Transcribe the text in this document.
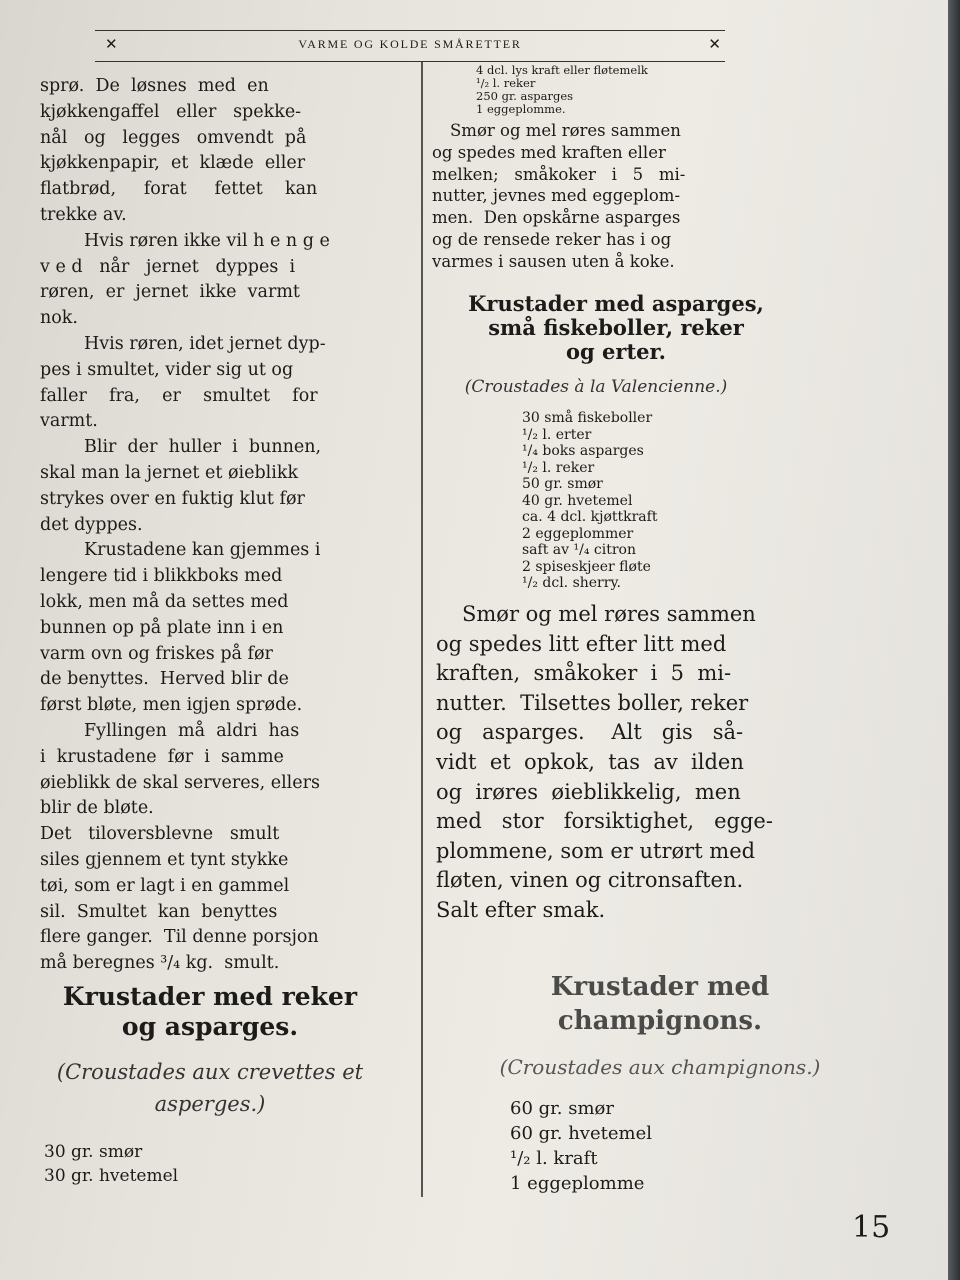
✕	VARME OG KOLDE SMÅRETTER	✕
sprø.  De  løsnes  med  en
kjøkkengaffel   eller   spekke-
nål   og   legges   omvendt  på
kjøkkenpapir,  et  klæde  eller
flatbrød,     forat     fettet    kan
trekke av.
Hvis røren ikke vil h e n g e
v e d   når   jernet   dyppes  i
røren,  er  jernet  ikke  varmt
nok.
Hvis røren, idet jernet dyp-
pes i smultet, vider sig ut og
faller    fra,    er    smultet    for
varmt.
Blir  der  huller  i  bunnen,
skal man la jernet et øieblikk
strykes over en fuktig klut før
det dyppes.
Krustadene kan gjemmes i
lengere tid i blikkboks med
lokk, men må da settes med
bunnen op på plate inn i en
varm ovn og friskes på før
de benyttes.  Herved blir de
først bløte, men igjen sprøde.
Fyllingen  må  aldri  has
i  krustadene  før  i  samme
øieblikk de skal serveres, ellers
blir de bløte.
Det   tiloversblevne   smult
siles gjennem et tynt stykke
tøi, som er lagt i en gammel
sil.  Smultet  kan  benyttes
flere ganger.  Til denne porsjon
må beregnes ³/₄ kg.  smult.
Krustader med reker
og asparges.
(Croustades aux crevettes et
asperges.)
30 gr. smør
30 gr. hvetemel
4 dcl. lys kraft eller fløtemelk
¹/₂ l. reker
250 gr. asparges
1 eggeplomme.
Smør og mel røres sammen
og spedes med kraften eller
melken;   småkoker   i   5   mi-
nutter, jevnes med eggeplom-
men.  Den opskårne asparges
og de rensede reker has i og
varmes i sausen uten å koke.
Krustader med asparges,
små fiskeboller, reker
og erter.
(Croustades à la Valencienne.)
30 små fiskeboller
¹/₂ l. erter
¹/₄ boks asparges
¹/₂ l. reker
50 gr. smør
40 gr. hvetemel
ca. 4 dcl. kjøttkraft
2 eggeplommer
saft av ¹/₄ citron
2 spiseskjeer fløte
¹/₂ dcl. sherry.
Smør og mel røres sammen
og spedes litt efter litt med
kraften,  småkoker  i  5  mi-
nutter.  Tilsettes boller, reker
og   asparges.    Alt   gis   så-
vidt  et  opkok,  tas  av  ilden
og  irøres  øieblikkelig,  men
med   stor   forsiktighet,   egge-
plommene, som er utrørt med
fløten, vinen og citronsaften.
Salt efter smak.
Krustader med
champignons.
(Croustades aux champignons.)
60 gr. smør
60 gr. hvetemel
¹/₂ l. kraft
1 eggeplomme
15
